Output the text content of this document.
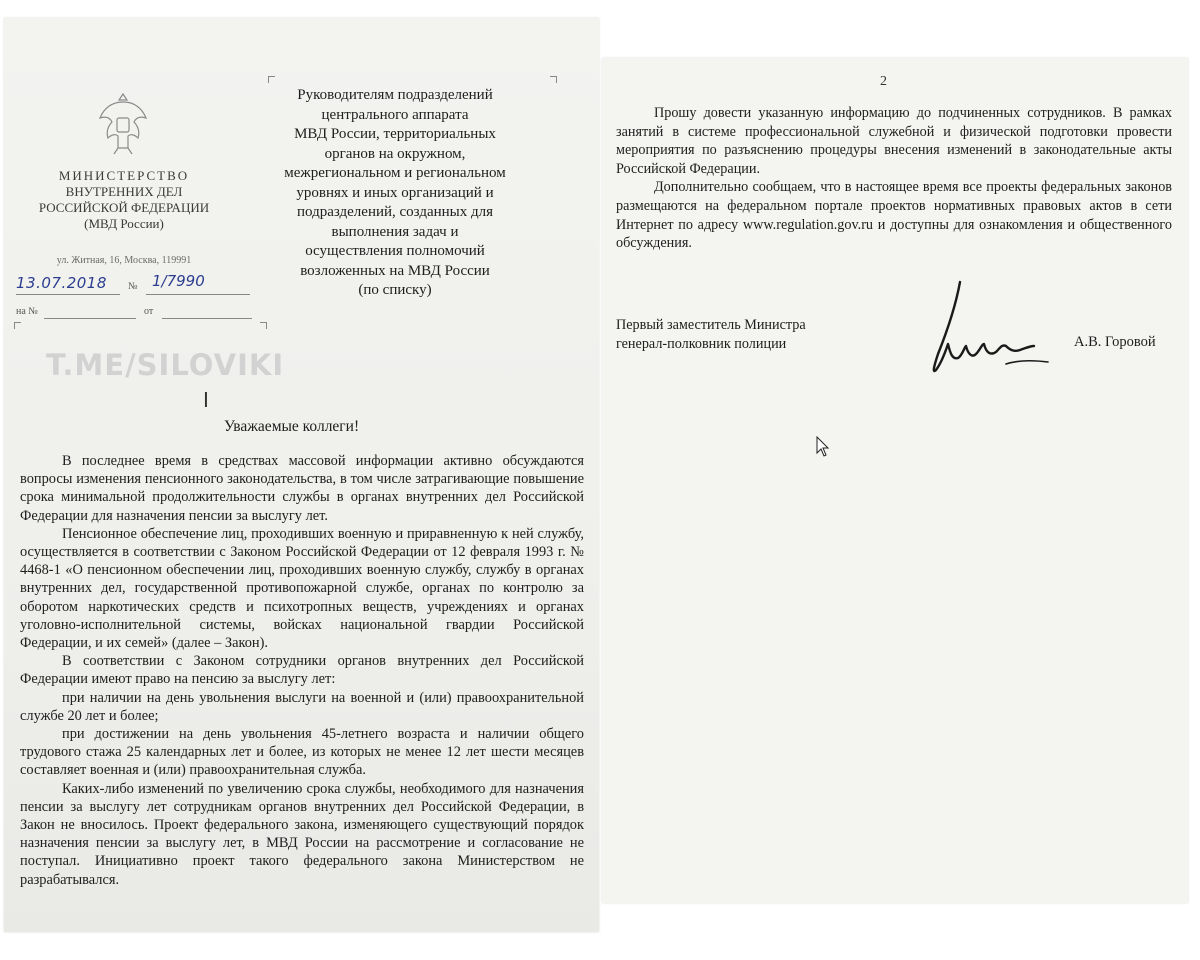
МИНИСТЕРСТВО
ВНУТРЕННИХ ДЕЛ
РОССИЙСКОЙ ФЕДЕРАЦИИ
(МВД России)
ул. Житная, 16, Москва, 119991
13.07.2018	№ 1/7990
на №	от
Руководителям подразделений
центрального аппарата
МВД России, территориальных
органов на окружном,
межрегиональном и региональном
уровнях и иных организаций и
подразделений, созданных для
выполнения задач и
осуществления полномочий
возложенных на МВД России
(по списку)
T.ME/SILOVIKI
I
Уважаемые коллеги!

В последнее время в средствах массовой информации активно обсуждаются вопросы изменения пенсионного законодательства, в том числе затрагивающие повышение срока минимальной продолжительности службы в органах внутренних дел Российской Федерации для назначения пенсии за выслугу лет.

Пенсионное обеспечение лиц, проходивших военную и приравненную к ней службу, осуществляется в соответствии с Законом Российской Федерации от 12 февраля 1993 г. № 4468-1 «О пенсионном обеспечении лиц, проходивших военную службу, службу в органах внутренних дел, государственной противопожарной службе, органах по контролю за оборотом наркотических средств и психотропных веществ, учреждениях и органах уголовно-исполнительной системы, войсках национальной гвардии Российской Федерации, и их семей» (далее – Закон).

В соответствии с Законом сотрудники органов внутренних дел Российской Федерации имеют право на пенсию за выслугу лет:

при наличии на день увольнения выслуги на военной и (или) правоохранительной службе 20 лет и более;

при достижении на день увольнения 45-летнего возраста и наличии общего трудового стажа 25 календарных лет и более, из которых не менее 12 лет шести месяцев составляет военная и (или) правоохранительная служба.

Каких-либо изменений по увеличению срока службы, необходимого для назначения пенсии за выслугу лет сотрудникам органов внутренних дел Российской Федерации, в Закон не вносилось. Проект федерального закона, изменяющего существующий порядок назначения пенсии за выслугу лет, в МВД России на рассмотрение и согласование не поступал. Инициативно проект такого федерального закона Министерством не разрабатывался.

2

Прошу довести указанную информацию до подчиненных сотрудников. В рамках занятий в системе профессиональной служебной и физической подготовки провести мероприятия по разъяснению процедуры внесения изменений в законодательные акты Российской Федерации.

Дополнительно сообщаем, что в настоящее время все проекты федеральных законов размещаются на федеральном портале проектов нормативных правовых актов в сети Интернет по адресу www.regulation.gov.ru и доступны для ознакомления и общественного обсуждения.

Первый заместитель Министра
генерал-полковник полиции	А.В. Горовой
